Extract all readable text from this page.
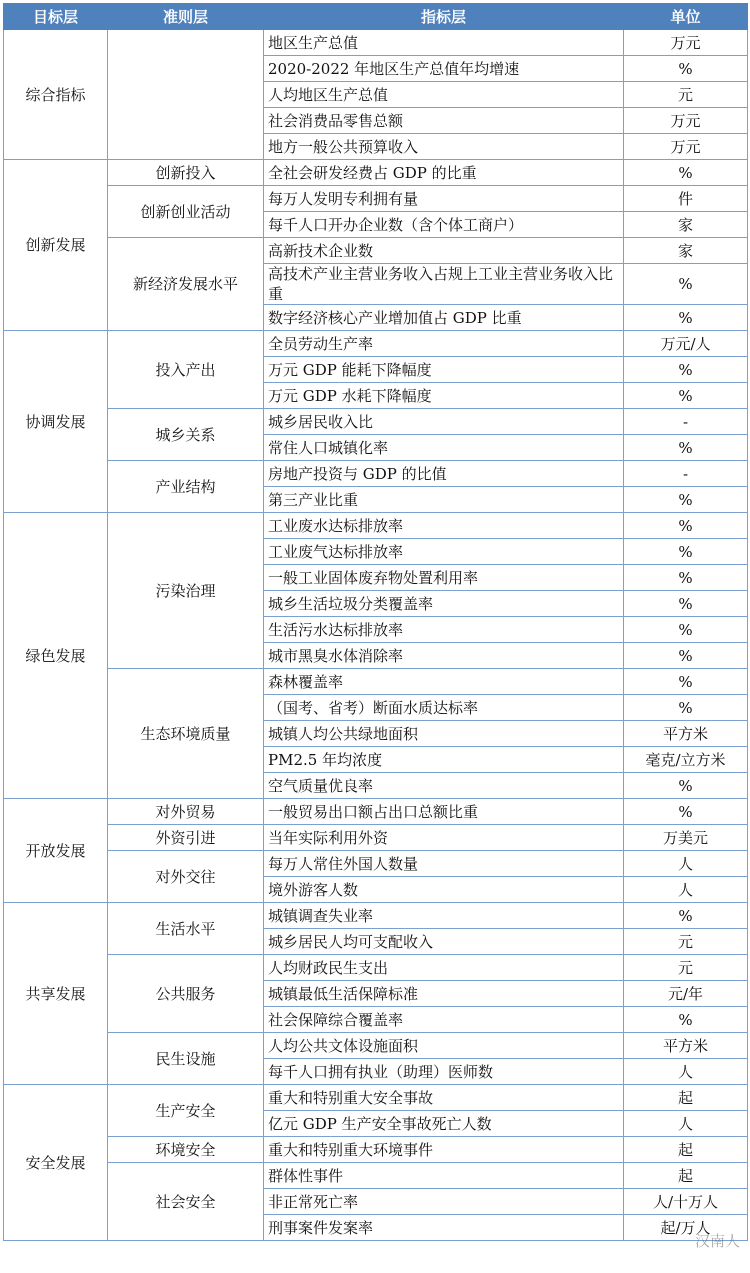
目标层	准则层	指标层	单位
综合指标		地区生产总值	万元
		2020-2022 年地区生产总值年均增速	%
		人均地区生产总值	元
		社会消费品零售总额	万元
		地方一般公共预算收入	万元
创新发展	创新投入	全社会研发经费占 GDP 的比重	%
	创新创业活动	每万人发明专利拥有量	件
		每千人口开办企业数（含个体工商户）	家
	新经济发展水平	高新技术企业数	家
		高技术产业主营业务收入占规上工业主营业务收入比重	%
		数字经济核心产业增加值占 GDP 比重	%
协调发展	投入产出	全员劳动生产率	万元/人
		万元 GDP 能耗下降幅度	%
		万元 GDP 水耗下降幅度	%
	城乡关系	城乡居民收入比	-
		常住人口城镇化率	%
	产业结构	房地产投资与 GDP 的比值	-
		第三产业比重	%
绿色发展	污染治理	工业废水达标排放率	%
		工业废气达标排放率	%
		一般工业固体废弃物处置利用率	%
		城乡生活垃圾分类覆盖率	%
		生活污水达标排放率	%
		城市黑臭水体消除率	%
	生态环境质量	森林覆盖率	%
		（国考、省考）断面水质达标率	%
		城镇人均公共绿地面积	平方米
		PM2.5 年均浓度	毫克/立方米
		空气质量优良率	%
开放发展	对外贸易	一般贸易出口额占出口总额比重	%
	外资引进	当年实际利用外资	万美元
	对外交往	每万人常住外国人数量	人
		境外游客人数	人
共享发展	生活水平	城镇调查失业率	%
		城乡居民人均可支配收入	元
	公共服务	人均财政民生支出	元
		城镇最低生活保障标准	元/年
		社会保障综合覆盖率	%
	民生设施	人均公共文体设施面积	平方米
		每千人口拥有执业（助理）医师数	人
安全发展	生产安全	重大和特别重大安全事故	起
		亿元 GDP 生产安全事故死亡人数	人
	环境安全	重大和特别重大环境事件	起
	社会安全	群体性事件	起
		非正常死亡率	人/十万人
		刑事案件发案率	起/万人
汉南人
